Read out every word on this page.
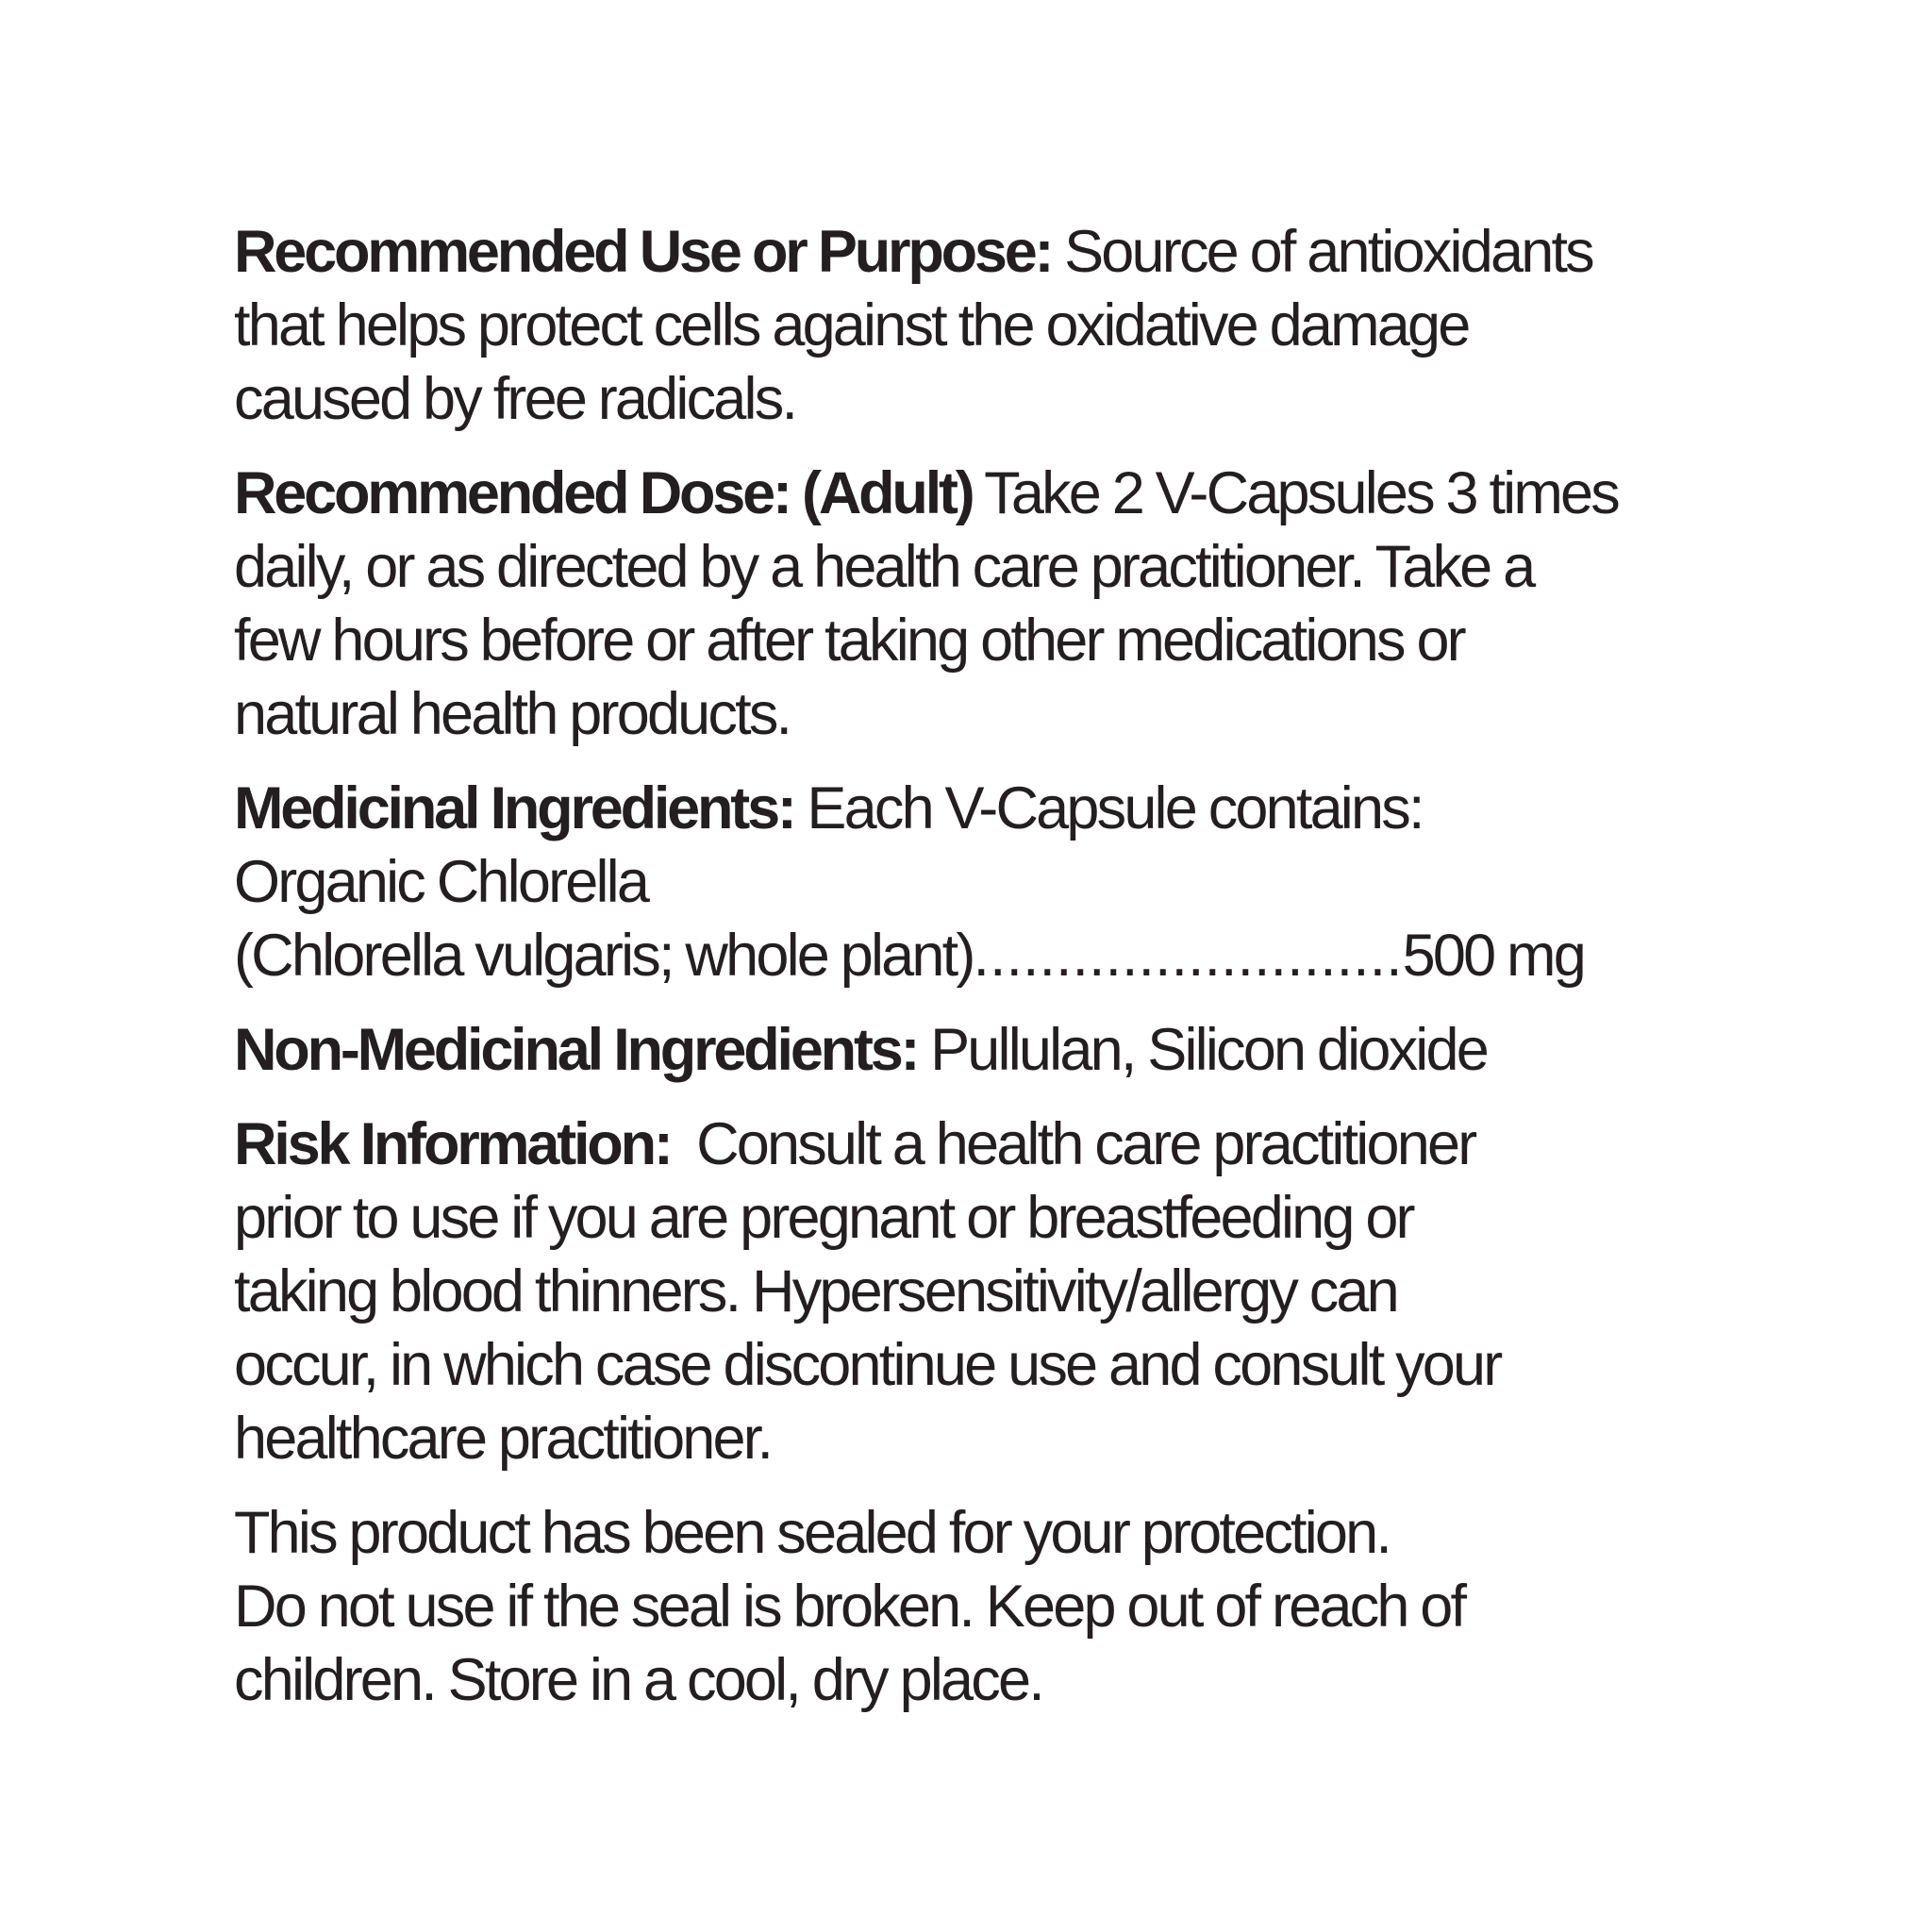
Recommended Use or Purpose: Source of antioxidants
that helps protect cells against the oxidative damage
caused by free radicals.
Recommended Dose: (Adult) Take 2 V-Capsules 3 times
daily, or as directed by a health care practitioner. Take a
few hours before or after taking other medications or
natural health products.
Medicinal Ingredients: Each V-Capsule contains:
Organic Chlorella
(Chlorella vulgaris; whole plant)..........................500 mg
Non-Medicinal Ingredients: Pullulan, Silicon dioxide
Risk Information: Consult a health care practitioner
prior to use if you are pregnant or breastfeeding or
taking blood thinners. Hypersensitivity/allergy can
occur, in which case discontinue use and consult your
healthcare practitioner.
This product has been sealed for your protection.
Do not use if the seal is broken. Keep out of reach of
children. Store in a cool, dry place.
